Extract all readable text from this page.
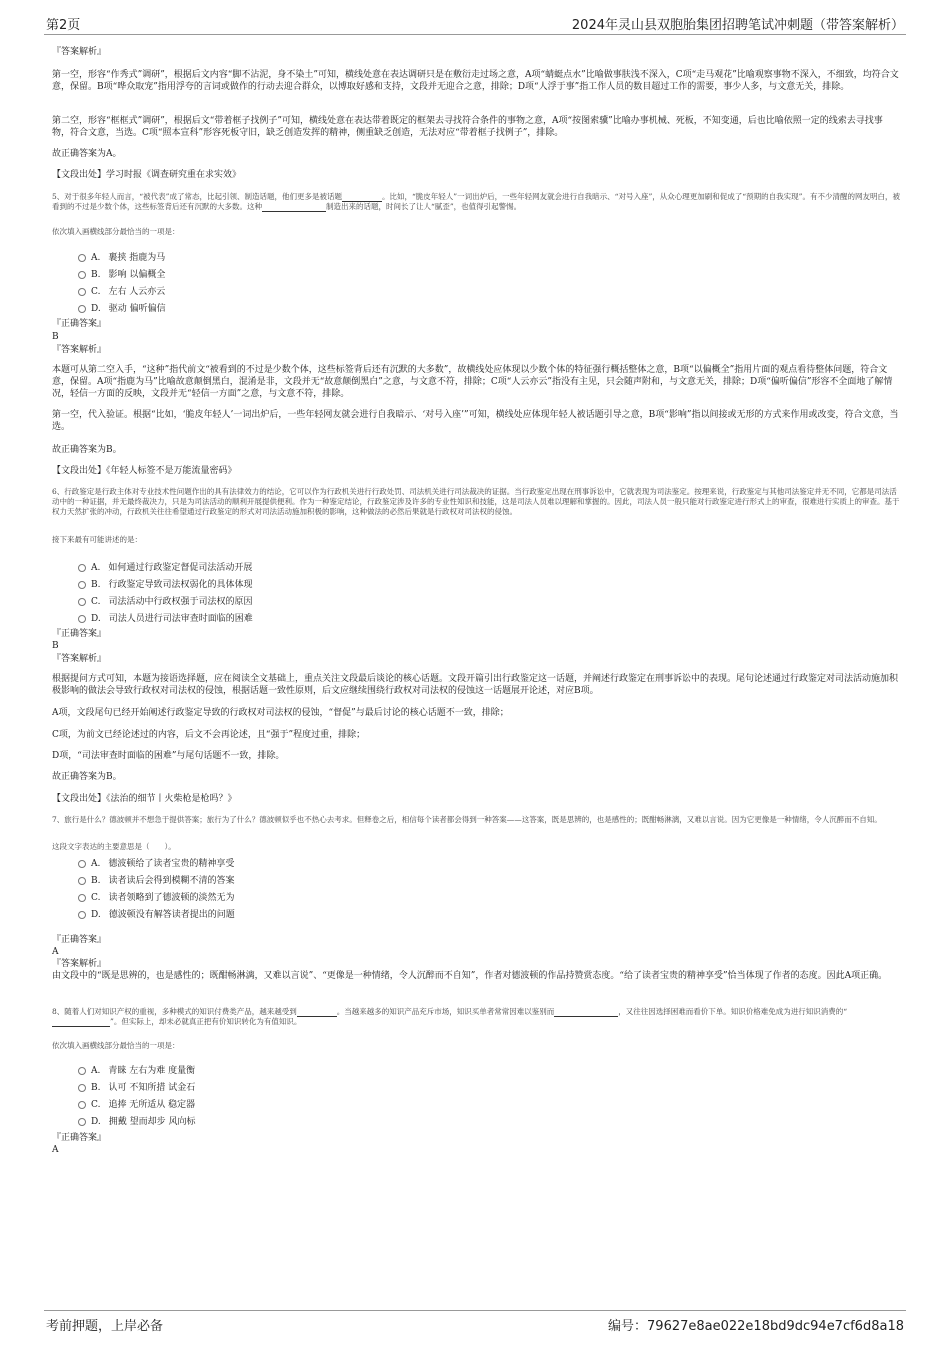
第2页	2024年灵山县双胞胎集团招聘笔试冲刺题（带答案解析）
『答案解析』
第一空，形容“作秀式”调研”，根据后文内容“脚不沾泥，身不染土”可知，横线处意在表达调研只是在敷衍走过场之意，A项“蜻蜓点水”比喻做事肤浅不深入，C项“走马观花”比喻观察事物不深入，不细致，均符合文意，保留。B项“哗众取宠”指用浮夸的言词或做作的行动去迎合群众，以博取好感和支持，文段并无迎合之意，排除；D项“人浮于事”指工作人员的数目超过工作的需要，事少人多，与文意无关，排除。
第二空，形容“框框式”调研”，根据后文“带着框子找例子”可知，横线处意在表达带着既定的框架去寻找符合条件的事物之意，A项“按图索骥”比喻办事机械、死板，不知变通，后也比喻依照一定的线索去寻找事物，符合文意，当选。C项“照本宣科”形容死板守旧，缺乏创造发挥的精神，侧重缺乏创造，无法对应“带着框子找例子”，排除。
故正确答案为A。
【文段出处】学习时报《调查研究重在求实效》
5、对于很多年轻人而言，“被代表”成了常态，比起引领、制造话题，他们更多是被话题	。比如，“脆皮年轻人”一词出炉后，一些年轻网友就会进行自我暗示、“对号入座”，从众心理更加刷和促成了“预期的自我实现”。有不少清醒的网友明白，被看到的不过是少数个体，这些标签背后还有沉默的大多数。这种	制造出来的话题，时间长了让人“腻歪”，也值得引起警惕。
依次填入画横线部分最恰当的一项是：
A. 裹挟 指鹿为马
B. 影响 以偏概全
C. 左右 人云亦云
D. 驱动 偏听偏信
『正确答案』
B
『答案解析』
本题可从第二空入手，“这种”指代前文“被看到的不过是少数个体，这些标签背后还有沉默的大多数”，故横线处应体现以少数个体的特征强行概括整体之意，B项“以偏概全”指用片面的观点看待整体问题，符合文意，保留。A项“指鹿为马”比喻故意颠倒黑白，混淆是非，文段并无“故意颠倒黑白”之意，与文意不符，排除；C项“人云亦云”指没有主见，只会随声附和，与文意无关，排除；D项“偏听偏信”形容不全面地了解情况，轻信一方面的反映，文段并无“轻信一方面”之意，与文意不符，排除。
第一空，代入验证。根据“比如，‘脆皮年轻人’一词出炉后，一些年轻网友就会进行自我暗示、‘对号入座’”可知，横线处应体现年轻人被话题引导之意，B项“影响”指以间接或无形的方式来作用或改变，符合文意，当选。
故正确答案为B。
【文段出处】《年轻人标签不是万能流量密码》
6、行政鉴定是行政主体对专业技术性问题作出的具有法律效力的结论，它可以作为行政机关进行行政处罚、司法机关进行司法裁决的证据。当行政鉴定出现在刑事诉讼中，它就表现为司法鉴定。按理来说，行政鉴定与其他司法鉴定并无不同，它都是司法活动中的一种证据，并无最终裁决力，只是为司法活动的顺利开展提供便利。作为一种鉴定结论，行政鉴定涉及许多的专业性知识和技能，这是司法人员难以理解和掌握的。因此，司法人员一般只能对行政鉴定进行形式上的审查，很难进行实质上的审查。基于权力天然扩张的冲动，行政机关往往希望通过行政鉴定的形式对司法活动施加积极的影响，这种做法的必然后果就是行政权对司法权的侵蚀。
接下来最有可能讲述的是：
A. 如何通过行政鉴定督促司法活动开展
B. 行政鉴定导致司法权弱化的具体体现
C. 司法活动中行政权强于司法权的原因
D. 司法人员进行司法审查时面临的困难
『正确答案』
B
『答案解析』
根据提问方式可知，本题为接语选择题，应在阅读全文基础上，重点关注文段最后谈论的核心话题。文段开篇引出行政鉴定这一话题，并阐述行政鉴定在刑事诉讼中的表现。尾句论述通过行政鉴定对司法活动施加积极影响的做法会导致行政权对司法权的侵蚀，根据话题一致性原则，后文应继续围绕行政权对司法权的侵蚀这一话题展开论述，对应B项。
A项，文段尾句已经开始阐述行政鉴定导致的行政权对司法权的侵蚀，“督促”与最后讨论的核心话题不一致，排除；
C项，为前文已经论述过的内容，后文不会再论述，且“强于”程度过重，排除；
D项，“司法审查时面临的困难”与尾句话题不一致，排除。
故正确答案为B。
【文段出处】《法治的细节丨火柴枪是枪吗？》
7、旅行是什么？德波顿并不想急于提供答案；旅行为了什么？德波顿似乎也不热心去考求。但释卷之后，相信每个读者都会得到一种答案——这答案，既是思辨的，也是感性的；既酣畅淋漓，又难以言说。因为它更像是一种情绪，令人沉醉而不自知。
这段文字表达的主要意思是（　　）。
A. 德波顿给了读者宝贵的精神享受
B. 读者读后会得到模糊不清的答案
C. 读者领略到了德波顿的淡然无为
D. 德波顿没有解答读者提出的问题
『正确答案』
A
『答案解析』
由文段中的“既是思辨的，也是感性的；既酣畅淋漓，又难以言说”、“更像是一种情绪，令人沉醉而不自知”，作者对德波顿的作品持赞赏态度。“给了读者宝贵的精神享受”恰当体现了作者的态度。因此A项正确。
8、随着人们对知识产权的重视，多种模式的知识付费类产品，越来越受到	。当越来越多的知识产品充斥市场，知识买单者常常因难以鉴别而	，又往往因选择困难而看价下单。知识价格难免成为进行知识消费的“”。但实际上，却未必就真正把有价知识转化为有值知识。
依次填入画横线部分最恰当的一项是：
A. 青睐 左右为难 度量衡
B. 认可 不知所措 试金石
C. 追捧 无所适从 稳定器
D. 拥戴 望而却步 风向标
『正确答案』
A
考前押题，上岸必备	编号：79627e8ae022e18bd9dc94e7cf6d8a18
